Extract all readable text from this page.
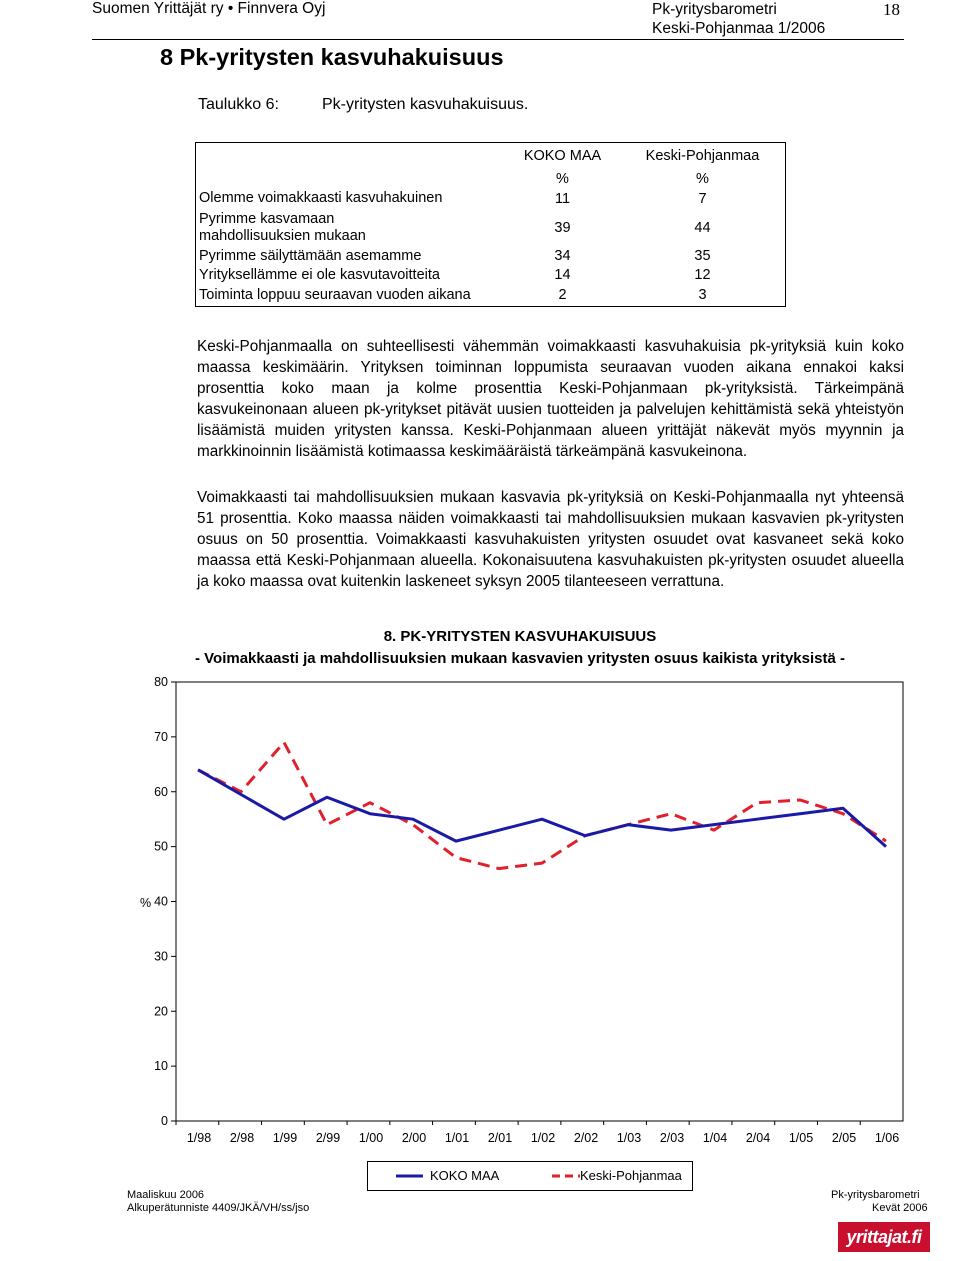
Suomen Yrittäjät ry • Finnvera Oyj	Pk-yritysbarometri
Keski-Pohjanmaa 1/2006
18
8 Pk-yritysten kasvuhakuisuus
Taulukko 6:	Pk-yritysten kasvuhakuisuus.
	KOKO MAA	Keski-Pohjanmaa
	%	%
Olemme voimakkaasti kasvuhakuinen	11	7

Pyrimme kasvamaan mahdollisuuksien mukaan	39	44
Pyrimme säilyttämään asemamme	34	35
Yrityksellämme ei ole kasvutavoitteita	14	12
Toiminta loppuu seuraavan vuoden aikana	2	3

Keski-Pohjanmaalla on suhteellisesti vähemmän voimakkaasti kasvuhakuisia pk-yrityksiä kuin koko maassa keskimäärin. Yrityksen toiminnan loppumista seuraavan vuoden aikana ennakoi kaksi prosenttia koko maan ja kolme prosenttia Keski-Pohjanmaan pk-yrityksistä. Tärkeimpänä kasvukeinonaan alueen pk-yritykset pitävät uusien tuotteiden ja palvelujen kehittämistä sekä yhteistyön lisäämistä muiden yritysten kanssa. Keski-Pohjanmaan alueen yrittäjät näkevät myös myynnin ja markkinoinnin lisäämistä kotimaassa keskimääräistä tärkeämpänä kasvukeinona.

Voimakkaasti tai mahdollisuuksien mukaan kasvavia pk-yrityksiä on Keski-Pohjanmaalla nyt yhteensä 51 prosenttia. Koko maassa näiden voimakkaasti tai mahdollisuuksien mukaan kasvavien pk-yritysten osuus on 50 prosenttia. Voimakkaasti kasvuhakuisten yritysten osuudet ovat kasvaneet sekä koko maassa että Keski-Pohjanmaan alueella. Kokonaisuutena kasvuhakuisten pk-yritysten osuudet alueella ja koko maassa ovat kuitenkin laskeneet syksyn 2005 tilanteeseen verrattuna.

8. PK-YRITYSTEN KASVUHAKUISUUS
- Voimakkaasti ja mahdollisuuksien mukaan kasvavien yritysten osuus kaikista yrityksistä -
0
10
20
30
40
50
60
70
80
1/98 2/98 1/99 2/99 1/00 2/00 1/01 2/01 1/02 2/02 1/03 2/03 1/04 2/04 1/05 2/05 1/06
%
KOKO MAA	Keski-Pohjanmaa
Maaliskuu 2006
Alkuperätunniste 4409/JKÄ/VH/ss/jso
Pk-yritysbarometri
Kevät 2006
yrittajat.fi
